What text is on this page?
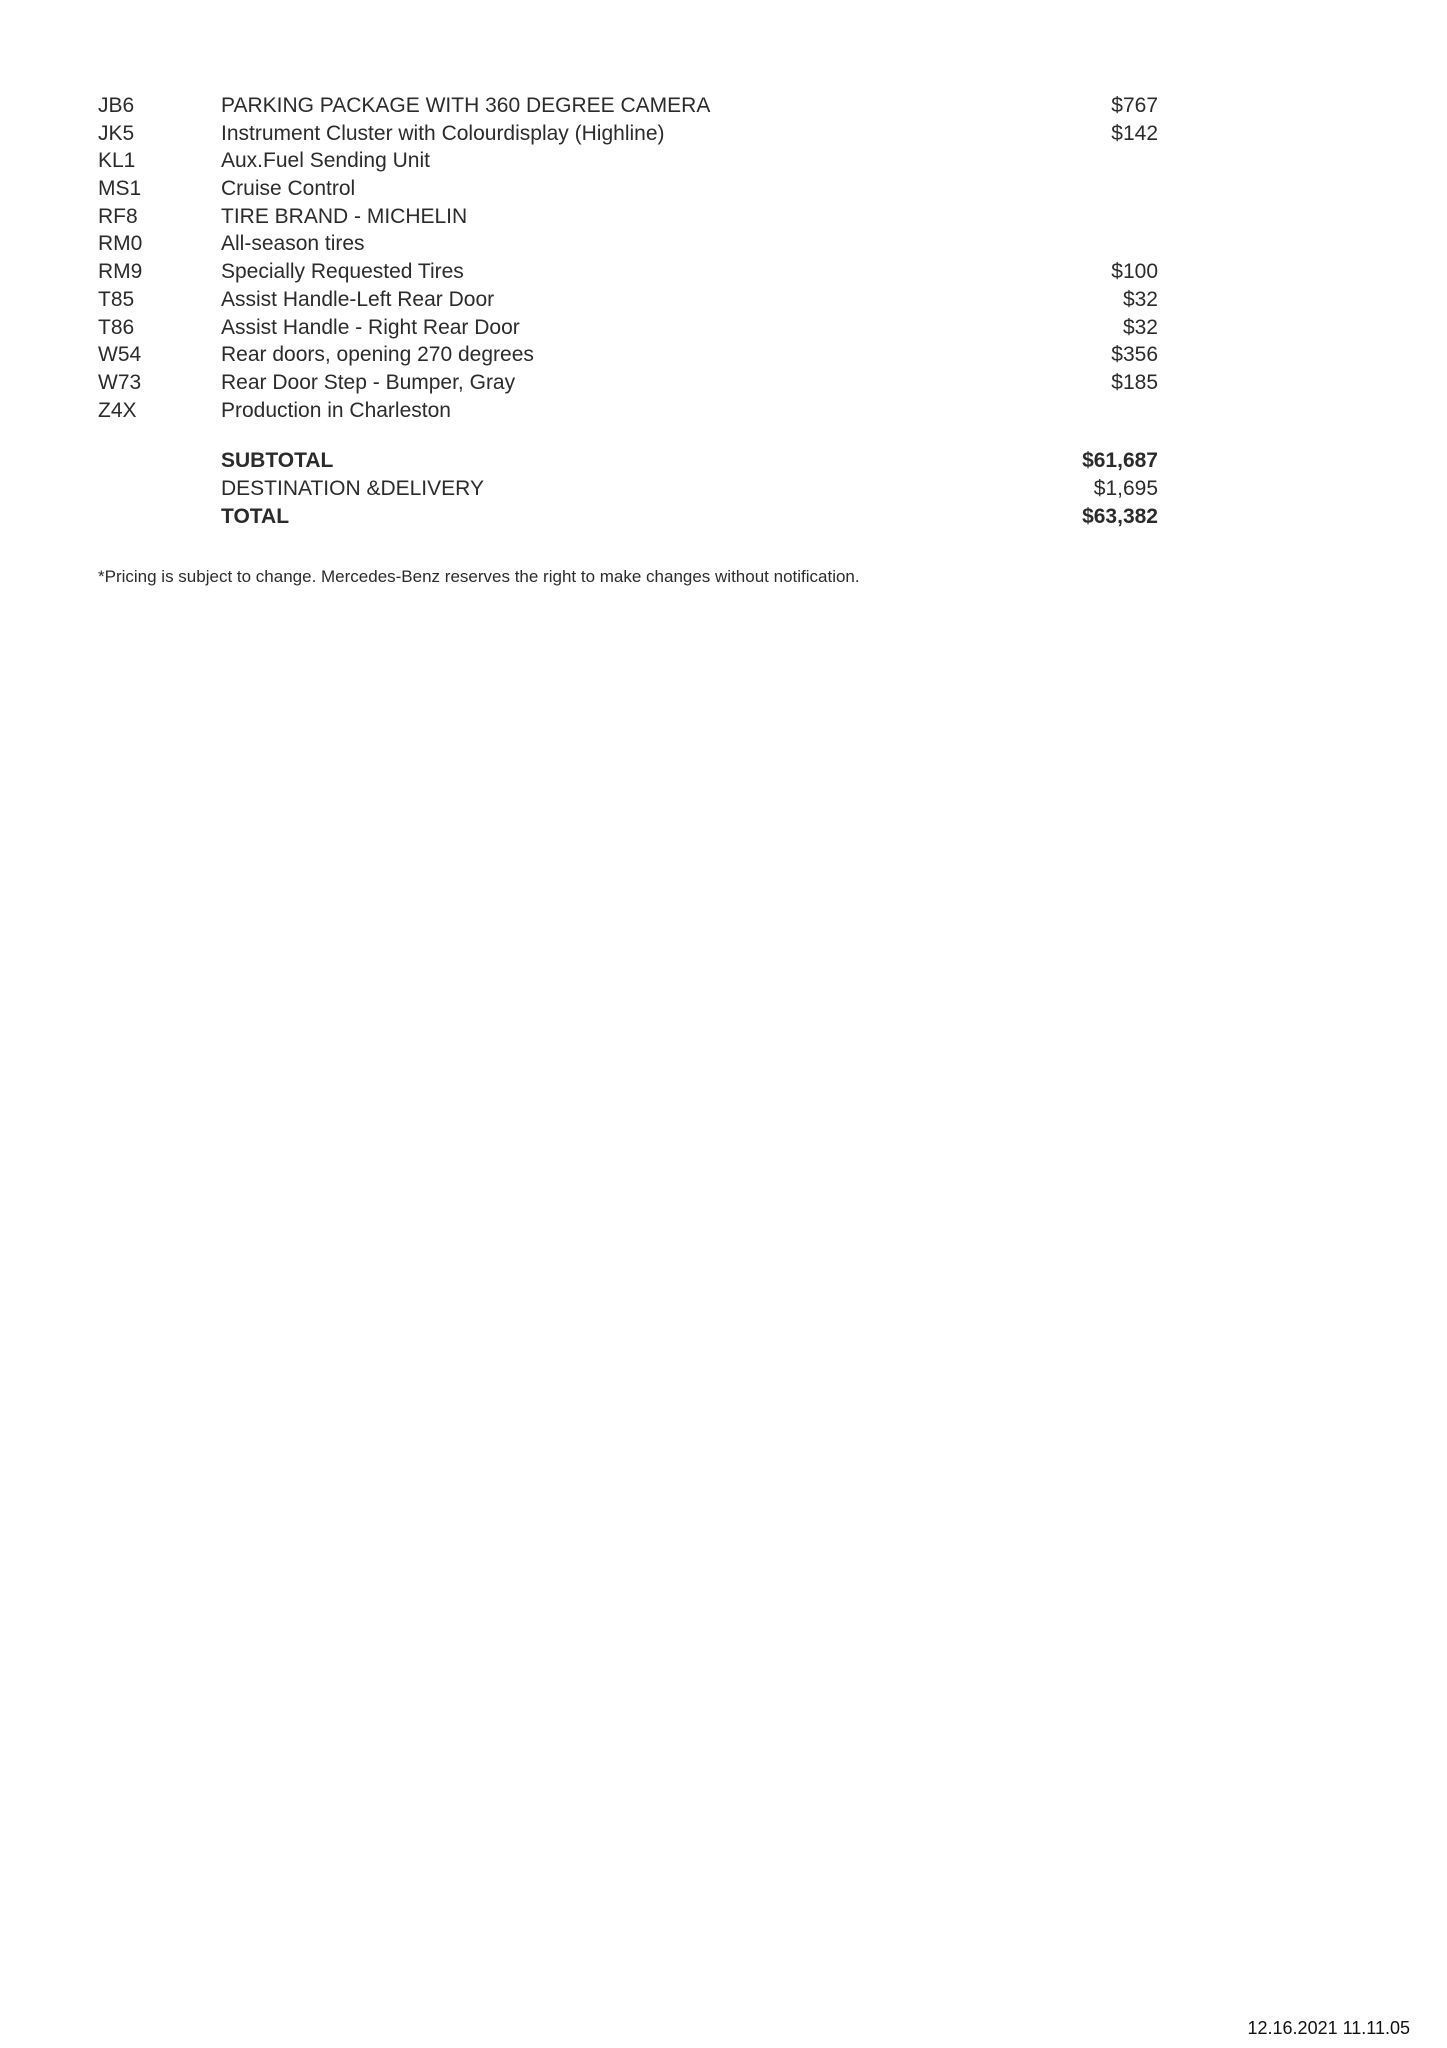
JB6	PARKING PACKAGE WITH 360 DEGREE CAMERA	$767
JK5	Instrument Cluster with Colourdisplay (Highline)	$142
KL1	Aux.Fuel Sending Unit
MS1	Cruise Control
RF8	TIRE BRAND - MICHELIN
RM0	All-season tires
RM9	Specially Requested Tires	$100
T85	Assist Handle-Left Rear Door	$32
T86	Assist Handle - Right Rear Door	$32
W54	Rear doors, opening 270 degrees	$356
W73	Rear Door Step - Bumper, Gray	$185
Z4X	Production in Charleston
SUBTOTAL	$61,687
DESTINATION &DELIVERY	$1,695
TOTAL	$63,382
*Pricing is subject to change. Mercedes-Benz reserves the right to make changes without notification.
12.16.2021 11.11.05
